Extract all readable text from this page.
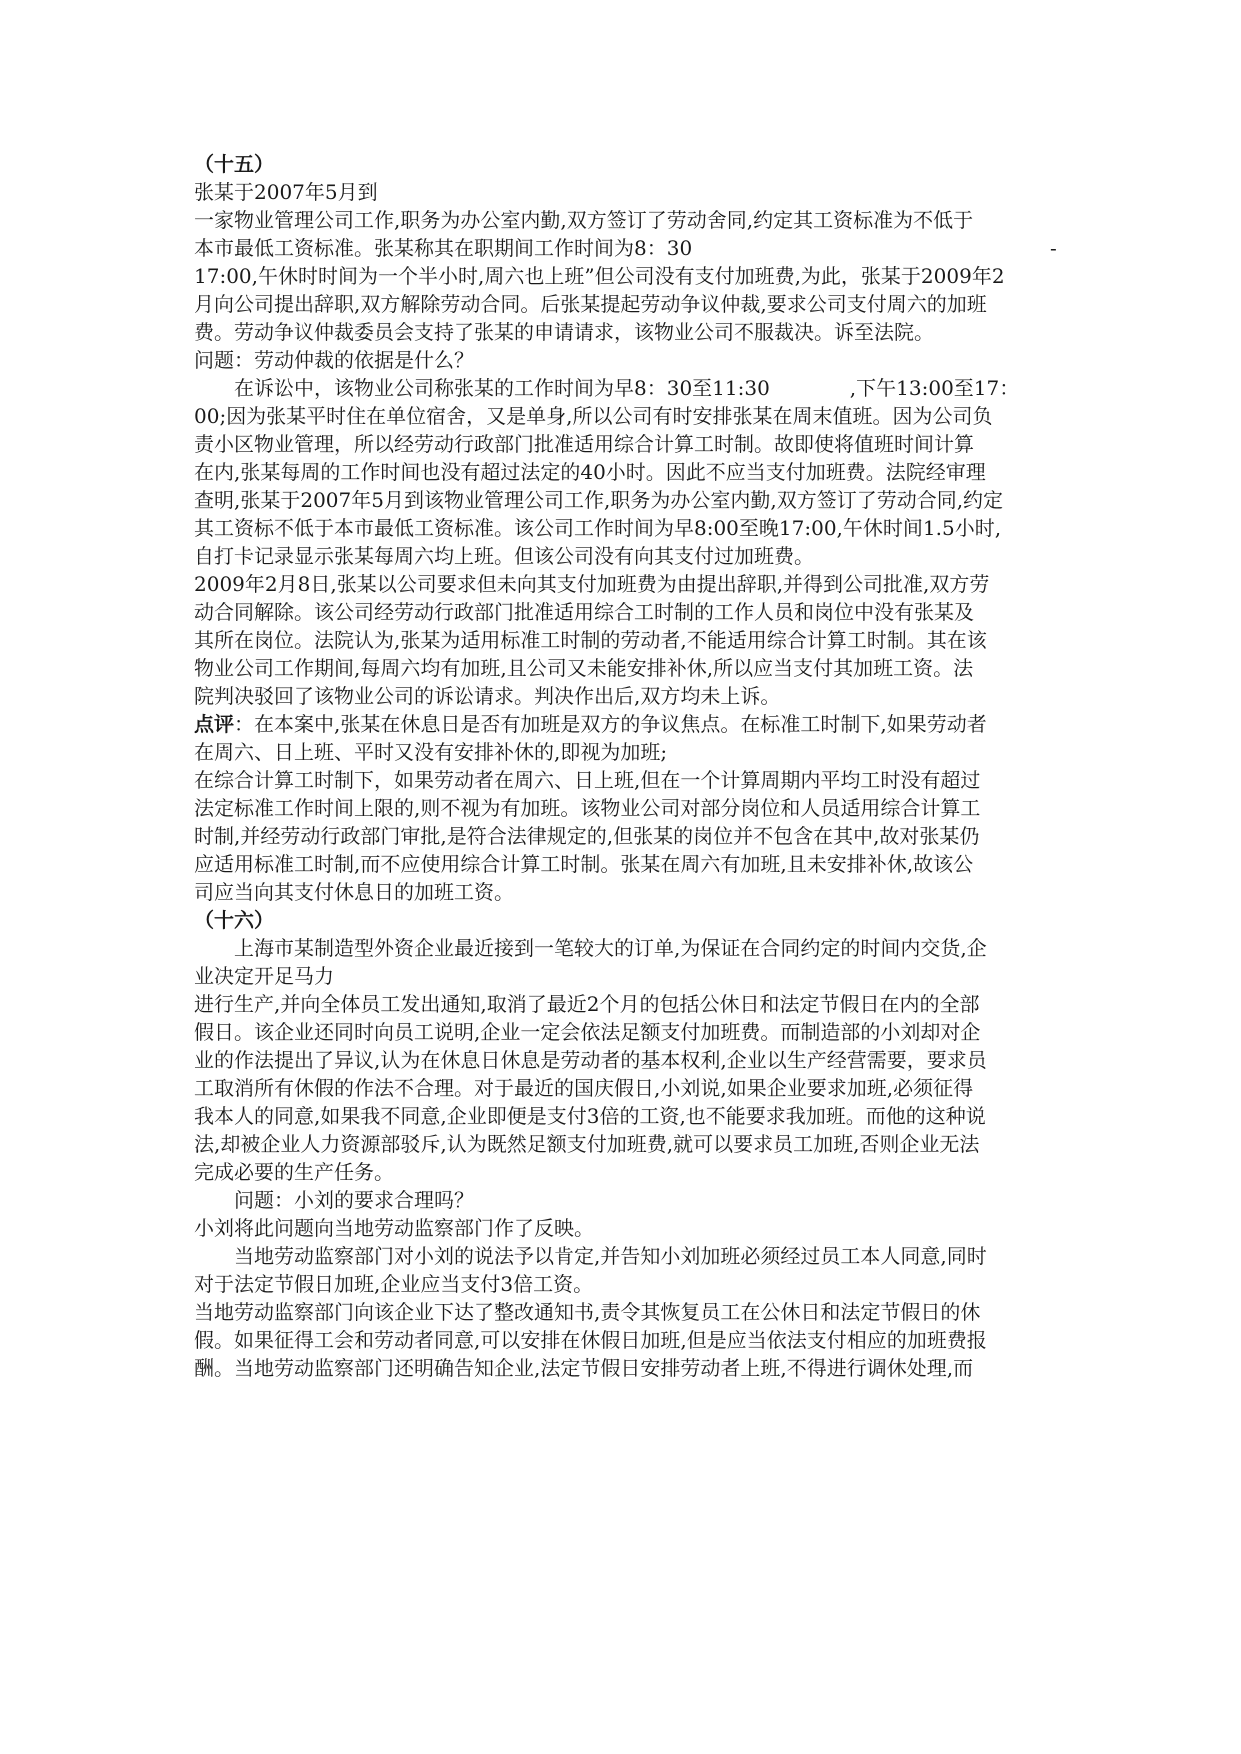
（十五）
张某于2007年5月到
一家物业管理公司工作,职务为办公室内勤,双方签订了劳动舍同,约定其工资标准为不低于
本市最低工资标准。张某称其在职期间工作时间为8：30	-
17:00,午休时时间为一个半小时,周六也上班”但公司没有支付加班费,为此，张某于2009年2
月向公司提出辞职,双方解除劳动合同。后张某提起劳动争议仲裁,要求公司支付周六的加班
费。劳动争议仲裁委员会支持了张某的申请请求，该物业公司不服裁决。诉至法院。
问题：劳动仲裁的依据是什么？
　　在诉讼中，该物业公司称张某的工作时间为早8：30至11:30　　　　,下午13:00至17：
00;因为张某平时住在单位宿舍，又是单身,所以公司有时安排张某在周末值班。因为公司负
责小区物业管理，所以经劳动行政部门批准适用综合计算工时制。故即使将值班时间计算
在内,张某每周的工作时间也没有超过法定的40小时。因此不应当支付加班费。法院经审理
查明,张某于2007年5月到该物业管理公司工作,职务为办公室内勤,双方签订了劳动合同,约定
其工资标不低于本市最低工资标准。该公司工作时间为早8:00至晚17:00,午休时间1.5小时,
自打卡记录显示张某每周六均上班。但该公司没有向其支付过加班费。
2009年2月8日,张某以公司要求但未向其支付加班费为由提出辞职,并得到公司批准,双方劳
动合同解除。该公司经劳动行政部门批准适用综合工时制的工作人员和岗位中没有张某及
其所在岗位。法院认为,张某为适用标准工时制的劳动者,不能适用综合计算工时制。其在该
物业公司工作期间,每周六均有加班,且公司又未能安排补休,所以应当支付其加班工资。法
院判决驳回了该物业公司的诉讼请求。判决作出后,双方均未上诉。
点评：在本案中,张某在休息日是否有加班是双方的争议焦点。在标准工时制下,如果劳动者
在周六、日上班、平时又没有安排补休的,即视为加班;
在综合计算工时制下，如果劳动者在周六、日上班,但在一个计算周期内平均工时没有超过
法定标准工作时间上限的,则不视为有加班。该物业公司对部分岗位和人员适用综合计算工
时制,并经劳动行政部门审批,是符合法律规定的,但张某的岗位并不包含在其中,故对张某仍
应适用标准工时制,而不应使用综合计算工时制。张某在周六有加班,且未安排补休,故该公
司应当向其支付休息日的加班工资。
（十六）
　　上海市某制造型外资企业最近接到一笔较大的订单,为保证在合同约定的时间内交货,企
业决定开足马力
进行生产,并向全体员工发出通知,取消了最近2个月的包括公休日和法定节假日在内的全部
假日。该企业还同时向员工说明,企业一定会依法足额支付加班费。而制造部的小刘却对企
业的作法提出了异议,认为在休息日休息是劳动者的基本权利,企业以生产经营需要，要求员
工取消所有休假的作法不合理。对于最近的国庆假日,小刘说,如果企业要求加班,必须征得
我本人的同意,如果我不同意,企业即便是支付3倍的工资,也不能要求我加班。而他的这种说
法,却被企业人力资源部驳斥,认为既然足额支付加班费,就可以要求员工加班,否则企业无法
完成必要的生产任务。
　　问题：小刘的要求合理吗？
小刘将此问题向当地劳动监察部门作了反映。
　　当地劳动监察部门对小刘的说法予以肯定,并告知小刘加班必须经过员工本人同意,同时
对于法定节假日加班,企业应当支付3倍工资。
当地劳动监察部门向该企业下达了整改通知书,责令其恢复员工在公休日和法定节假日的休
假。如果征得工会和劳动者同意,可以安排在休假日加班,但是应当依法支付相应的加班费报
酬。当地劳动监察部门还明确告知企业,法定节假日安排劳动者上班,不得进行调休处理,而
